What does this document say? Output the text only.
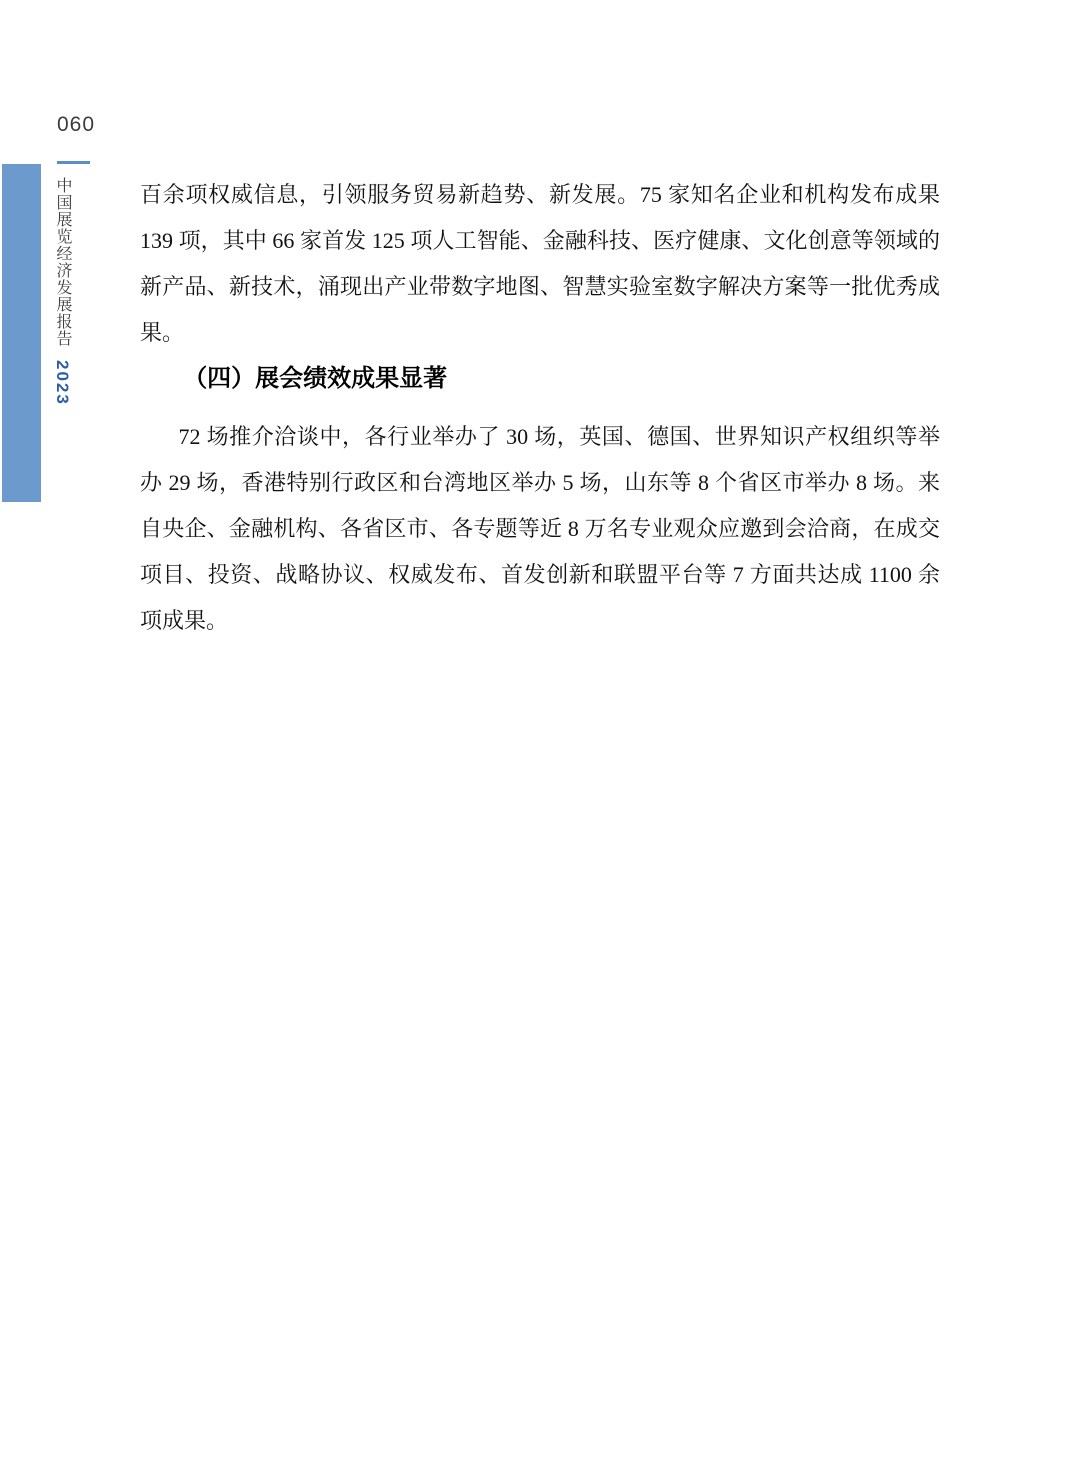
060
中国展览经济发展报告 2023

百余项权威信息，引领服务贸易新趋势、新发展。75 家知名企业和机构发布成果 139 项，其中 66 家首发 125 项人工智能、金融科技、医疗健康、文化创意等领域的新产品、新技术，涌现出产业带数字地图、智慧实验室数字解决方案等一批优秀成果。

（四）展会绩效成果显著

72 场推介洽谈中，各行业举办了 30 场，英国、德国、世界知识产权组织等举办 29 场，香港特别行政区和台湾地区举办 5 场，山东等 8 个省区市举办 8 场。来自央企、金融机构、各省区市、各专题等近 8 万名专业观众应邀到会洽商，在成交项目、投资、战略协议、权威发布、首发创新和联盟平台等 7 方面共达成 1100 余项成果。
